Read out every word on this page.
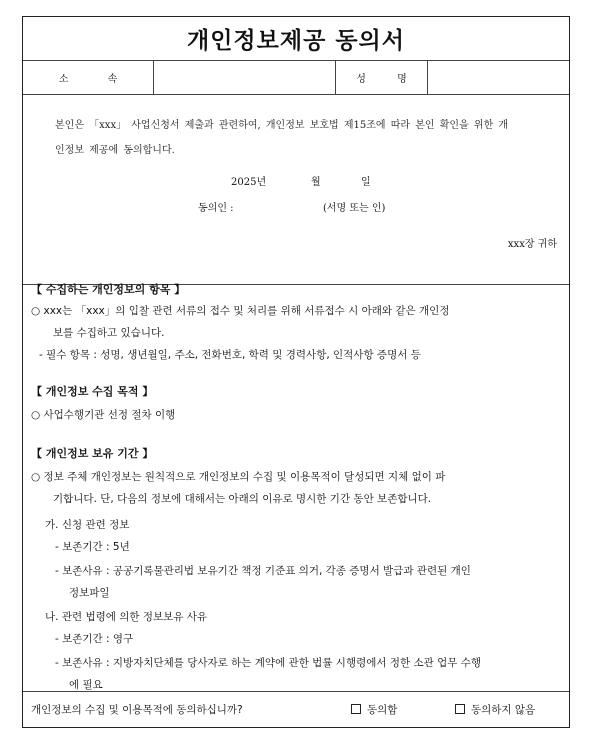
개인정보제공 동의서
소 속	성 명
본인은 「xxx」 사업신청서 제출과 관련하여, 개인정보 보호법 제15조에 따라 본인 확인을 위한 개
인정보 제공에 동의합니다.
2025년	월	일
동의인 :	(서명 또는 인)
xxx장 귀하
【 수집하는 개인정보의 항목 】
○ xxx는 「xxx」의 입찰 관련 서류의 접수 및 처리를 위해 서류접수 시 아래와 같은 개인정
보를 수집하고 있습니다.
- 필수 항목 : 성명, 생년월일, 주소, 전화번호, 학력 및 경력사항, 인적사항 증명서 등
【 개인정보 수집 목적 】
○ 사업수행기관 선정 절차 이행
【 개인정보 보유 기간 】
○ 정보 주체 개인정보는 원칙적으로 개인정보의 수집 및 이용목적이 달성되면 지체 없이 파
기합니다. 단, 다음의 정보에 대해서는 아래의 이유로 명시한 기간 동안 보존합니다.
가. 신청 관련 정보
- 보존기간 : 5년
- 보존사유 : 공공기록물관리법 보유기간 책정 기준표 의거, 각종 증명서 발급과 관련된 개인
정보파일
나. 관련 법령에 의한 정보보유 사유
- 보존기간 : 영구
- 보존사유 : 지방자치단체를 당사자로 하는 계약에 관한 법률 시행령에서 정한 소관 업무 수행
에 필요
개인정보의 수집 및 이용목적에 동의하십니까?	동의함	동의하지 않음
